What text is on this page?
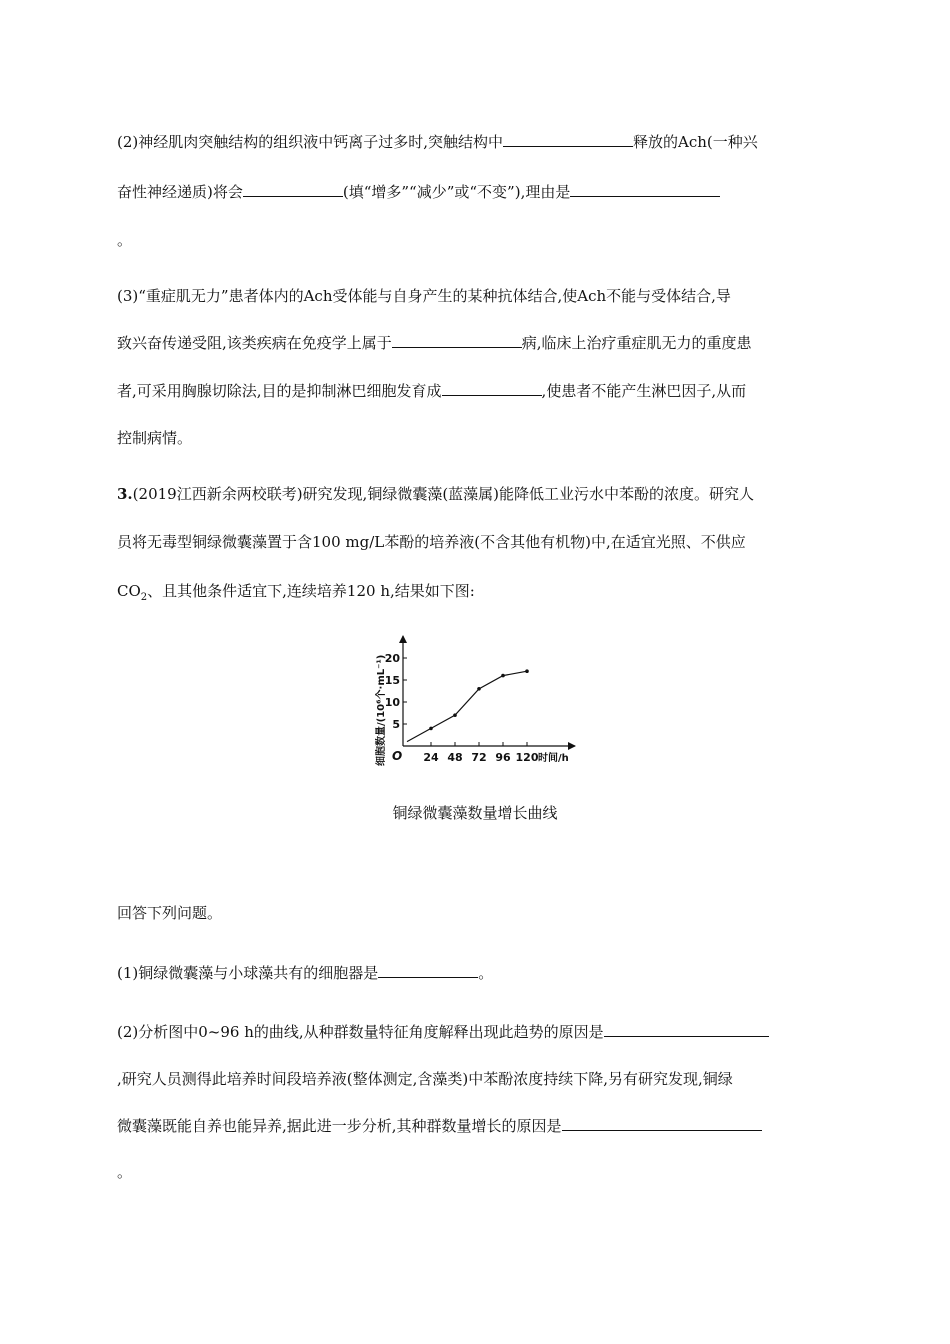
(2)神经肌肉突触结构的组织液中钙离子过多时,突触结构中	释放的Ach(一种兴
奋性神经递质)将会	(填“增多”“减少”或“不变”),理由是
。
(3)“重症肌无力”患者体内的Ach受体能与自身产生的某种抗体结合,使Ach不能与受体结合,导
致兴奋传递受阻,该类疾病在免疫学上属于	病,临床上治疗重症肌无力的重度患
者,可采用胸腺切除法,目的是抑制淋巴细胞发育成	,使患者不能产生淋巴因子,从而
控制病情。
3.(2019江西新余两校联考)研究发现,铜绿微囊藻(蓝藻属)能降低工业污水中苯酚的浓度。研究人
员将无毒型铜绿微囊藻置于含100 mg/L苯酚的培养液(不含其他有机物)中,在适宜光照、不供应
$CO_2$、且其他条件适宜下,连续培养120 h,结果如下图:
5
10
15
20
24 48 72 96 120
O	时间/h
细胞数量/(10⁶个·mL⁻¹)
铜绿微囊藻数量增长曲线
回答下列问题。
(1)铜绿微囊藻与小球藻共有的细胞器是	。
(2)分析图中0~96 h的曲线,从种群数量特征角度解释出现此趋势的原因是
,研究人员测得此培养时间段培养液(整体测定,含藻类)中苯酚浓度持续下降,另有研究发现,铜绿
微囊藻既能自养也能异养,据此进一步分析,其种群数量增长的原因是
。
